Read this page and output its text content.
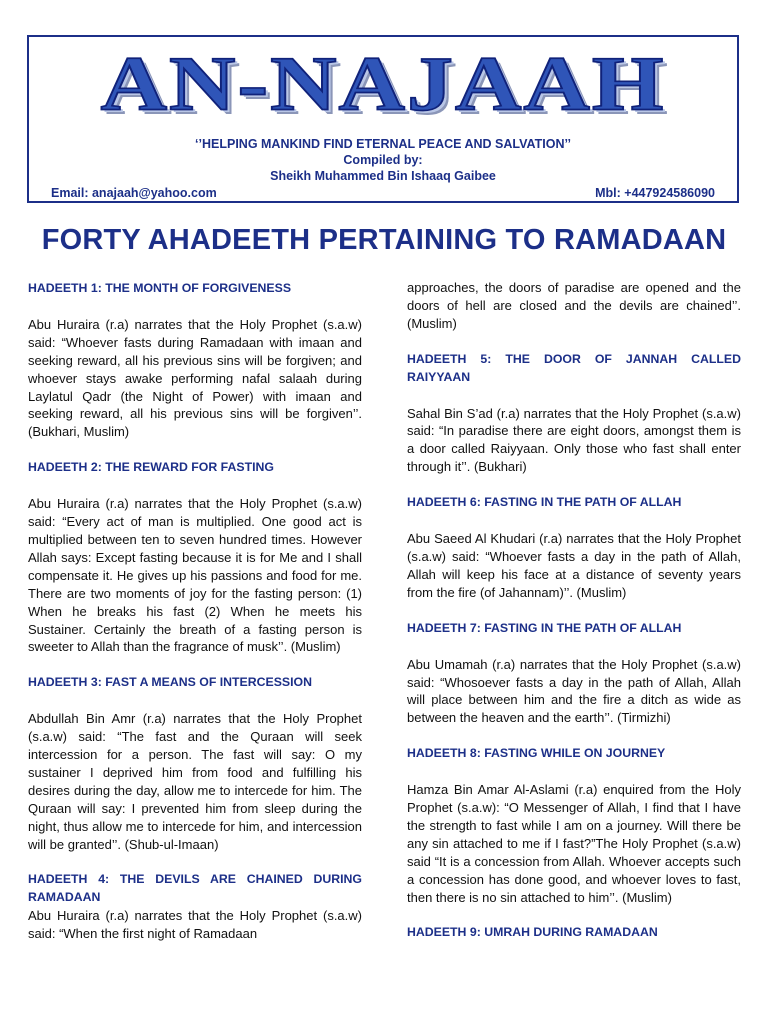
AN-NAJAAH
‘’HELPING MANKIND FIND ETERNAL PEACE AND SALVATION’’
Compiled by:
Sheikh Muhammed Bin Ishaaq Gaibee
Email: anajaah@yahoo.com	Mbl: +447924586090
FORTY AHADEETH PERTAINING TO RAMADAAN
HADEETH 1: THE MONTH OF FORGIVENESS
Abu Huraira (r.a) narrates that the Holy Prophet (s.a.w) said: “Whoever fasts during Ramadaan with imaan and seeking reward, all his previous sins will be forgiven; and whoever stays awake performing nafal salaah during Laylatul Qadr (the Night of Power) with imaan and seeking reward, all his previous sins will be forgiven’’. (Bukhari, Muslim)
HADEETH 2: THE REWARD FOR FASTING
Abu Huraira (r.a) narrates that the Holy Prophet (s.a.w) said: “Every act of man is multiplied. One good act is multiplied between ten to seven hundred times. However Allah says: Except fasting because it is for Me and I shall compensate it. He gives up his passions and food for me. There are two moments of joy for the fasting person: (1) When he breaks his fast (2) When he meets his Sustainer. Certainly the breath of a fasting person is sweeter to Allah than the fragrance of musk’’. (Muslim)
HADEETH 3: FAST A MEANS OF INTERCESSION
Abdullah Bin Amr (r.a) narrates that the Holy Prophet (s.a.w) said: “The fast and the Quraan will seek intercession for a person. The fast will say: O my sustainer I deprived him from food and fulfilling his desires during the day, allow me to intercede for him. The Quraan will say: I prevented him from sleep during the night, thus allow me to intercede for him, and intercession will be granted’’. (Shub-ul-Imaan)
HADEETH 4: THE DEVILS ARE CHAINED DURING RAMADAAN
Abu Huraira (r.a) narrates that the Holy Prophet (s.a.w) said: “When the first night of Ramadaan
approaches, the doors of paradise are opened and the doors of hell are closed and the devils are chained’’. (Muslim)
HADEETH 5: THE DOOR OF JANNAH CALLED RAIYYAAN
Sahal Bin S’ad (r.a) narrates that the Holy Prophet (s.a.w) said: “In paradise there are eight doors, amongst them is a door called Raiyyaan. Only those who fast shall enter through it’’. (Bukhari)
HADEETH 6: FASTING IN THE PATH OF ALLAH
Abu Saeed Al Khudari (r.a) narrates that the Holy Prophet (s.a.w) said: “Whoever fasts a day in the path of Allah, Allah will keep his face at a distance of seventy years from the fire (of Jahannam)’’. (Muslim)
HADEETH 7: FASTING IN THE PATH OF ALLAH
Abu Umamah (r.a) narrates that the Holy Prophet (s.a.w) said: “Whosoever fasts a day in the path of Allah, Allah will place between him and the fire a ditch as wide as between the heaven and the earth’’. (Tirmizhi)
HADEETH 8: FASTING WHILE ON JOURNEY
Hamza Bin Amar Al-Aslami (r.a) enquired from the Holy Prophet (s.a.w): “O Messenger of Allah, I find that I have the strength to fast while I am on a journey. Will there be any sin attached to me if I fast?”The Holy Prophet (s.a.w) said “It is a concession from Allah. Whoever accepts such a concession has done good, and whoever loves to fast, then there is no sin attached to him’’. (Muslim)
HADEETH 9: UMRAH DURING RAMADAAN
